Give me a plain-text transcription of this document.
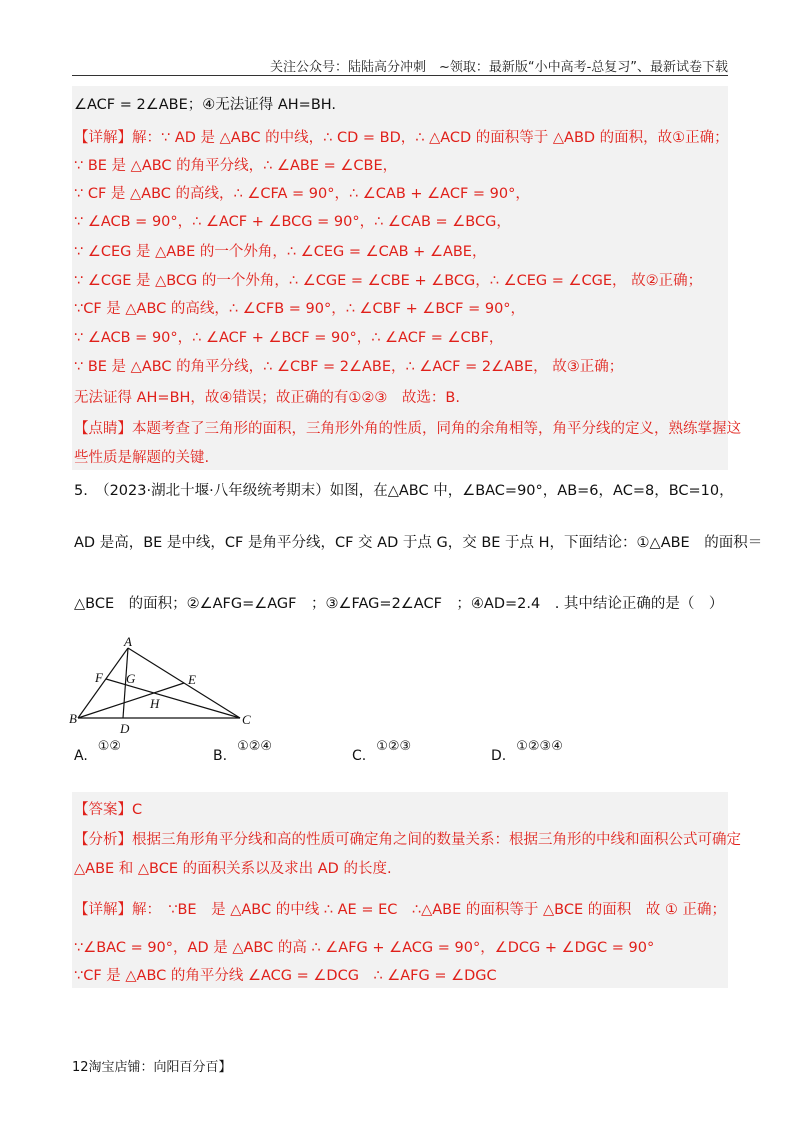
关注公众号：陆陆高分冲刺　~领取：最新版“小中高考-总复习”、最新试卷下载
∠ACF = 2∠ABE；④无法证得 AH=BH.
【详解】解：∵ AD 是 △ABC 的中线，∴ CD = BD，∴ △ACD 的面积等于 △ABD 的面积，故①正确；
∵ BE 是 △ABC 的角平分线，∴ ∠ABE = ∠CBE，
∵ CF 是 △ABC 的高线，∴ ∠CFA = 90°，∴ ∠CAB + ∠ACF = 90°，
∵ ∠ACB = 90°，∴ ∠ACF + ∠BCG = 90°，∴ ∠CAB = ∠BCG，
∵ ∠CEG 是 △ABE 的一个外角，∴ ∠CEG = ∠CAB + ∠ABE，
∵ ∠CGE 是 △BCG 的一个外角，∴ ∠CGE = ∠CBE + ∠BCG，∴ ∠CEG = ∠CGE， 故②正确；
∵CF 是 △ABC 的高线，∴ ∠CFB = 90°，∴ ∠CBF + ∠BCF = 90°，
∵ ∠ACB = 90°，∴ ∠ACF + ∠BCF = 90°，∴ ∠ACF = ∠CBF，
∵ BE 是 △ABC 的角平分线，∴ ∠CBF = 2∠ABE，∴ ∠ACF = 2∠ABE， 故③正确；
无法证得 AH=BH，故④错误；故正确的有①②③　故选：B.
【点睛】本题考查了三角形的面积，三角形外角的性质，同角的余角相等，角平分线的定义，熟练掌握这
些性质是解题的关键.
5.　（2023·湖北十堰·八年级统考期末）如图，在△ABC 中，∠BAC=90°，AB=6，AC=8，BC=10，
AD 是高，BE 是中线，CF 是角平分线，CF 交 AD 于点 G，交 BE 于点 H，下面结论：①△ABE　的面积＝
△BCE　的面积；②∠AFG=∠AGF　；③∠FAG=2∠ACF　；④AD=2.4　. 其中结论正确的是（　）
A
F G	E
H
B
D
C
A.①②
B.①②④
C.①②③
D.①②③④
【答案】C
【分析】根据三角形角平分线和高的性质可确定角之间的数量关系：根据三角形的中线和面积公式可确定
△ABE 和 △BCE 的面积关系以及求出 AD 的长度.
【详解】解：　∵BE　是 △ABC 的中线 ∴ AE = EC　∴△ABE 的面积等于 △BCE 的面积　故 ① 正确；
∵∠BAC = 90°，AD 是 △ABC 的高 ∴ ∠AFG + ∠ACG = 90°，∠DCG + ∠DGC = 90°
∵CF 是 △ABC 的角平分线 ∠ACG = ∠DCG　∴ ∠AFG = ∠DGC
12淘宝店铺：向阳百分百】
